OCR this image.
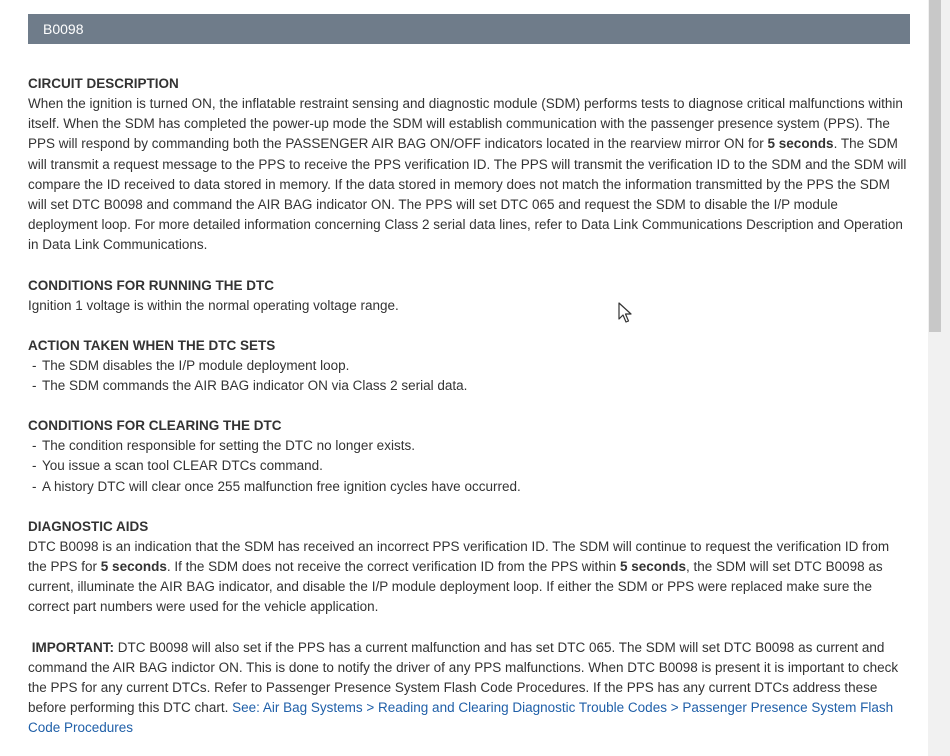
B0098
CIRCUIT DESCRIPTION

When the ignition is turned ON, the inflatable restraint sensing and diagnostic module (SDM) performs tests to diagnose critical malfunctions within itself. When the SDM has completed the power-up mode the SDM will establish communication with the passenger presence system (PPS). The PPS will respond by commanding both the PASSENGER AIR BAG ON/OFF indicators located in the rearview mirror ON for 5 seconds. The SDM will transmit a request message to the PPS to receive the PPS verification ID. The PPS will transmit the verification ID to the SDM and the SDM will compare the ID received to data stored in memory. If the data stored in memory does not match the information transmitted by the PPS the SDM will set DTC B0098 and command the AIR BAG indicator ON. The PPS will set DTC 065 and request the SDM to disable the I/P module deployment loop. For more detailed information concerning Class 2 serial data lines, refer to Data Link Communications Description and Operation in Data Link Communications.

CONDITIONS FOR RUNNING THE DTC

Ignition 1 voltage is within the normal operating voltage range.

ACTION TAKEN WHEN THE DTC SETS
- The SDM disables the I/P module deployment loop.
- The SDM commands the AIR BAG indicator ON via Class 2 serial data.
CONDITIONS FOR CLEARING THE DTC
- The condition responsible for setting the DTC no longer exists.
- You issue a scan tool CLEAR DTCs command.
- A history DTC will clear once 255 malfunction free ignition cycles have occurred.
DIAGNOSTIC AIDS

DTC B0098 is an indication that the SDM has received an incorrect PPS verification ID. The SDM will continue to request the verification ID from the PPS for 5 seconds. If the SDM does not receive the correct verification ID from the PPS within 5 seconds, the SDM will set DTC B0098 as current, illuminate the AIR BAG indicator, and disable the I/P module deployment loop. If either the SDM or PPS were replaced make sure the correct part numbers were used for the vehicle application.

IMPORTANT: DTC B0098 will also set if the PPS has a current malfunction and has set DTC 065. The SDM will set DTC B0098 as current and command the AIR BAG indictor ON. This is done to notify the driver of any PPS malfunctions. When DTC B0098 is present it is important to check the PPS for any current DTCs. Refer to Passenger Presence System Flash Code Procedures. If the PPS has any current DTCs address these before performing this DTC chart. See: Air Bag Systems > Reading and Clearing Diagnostic Trouble Codes > Passenger Presence System Flash Code Procedures
